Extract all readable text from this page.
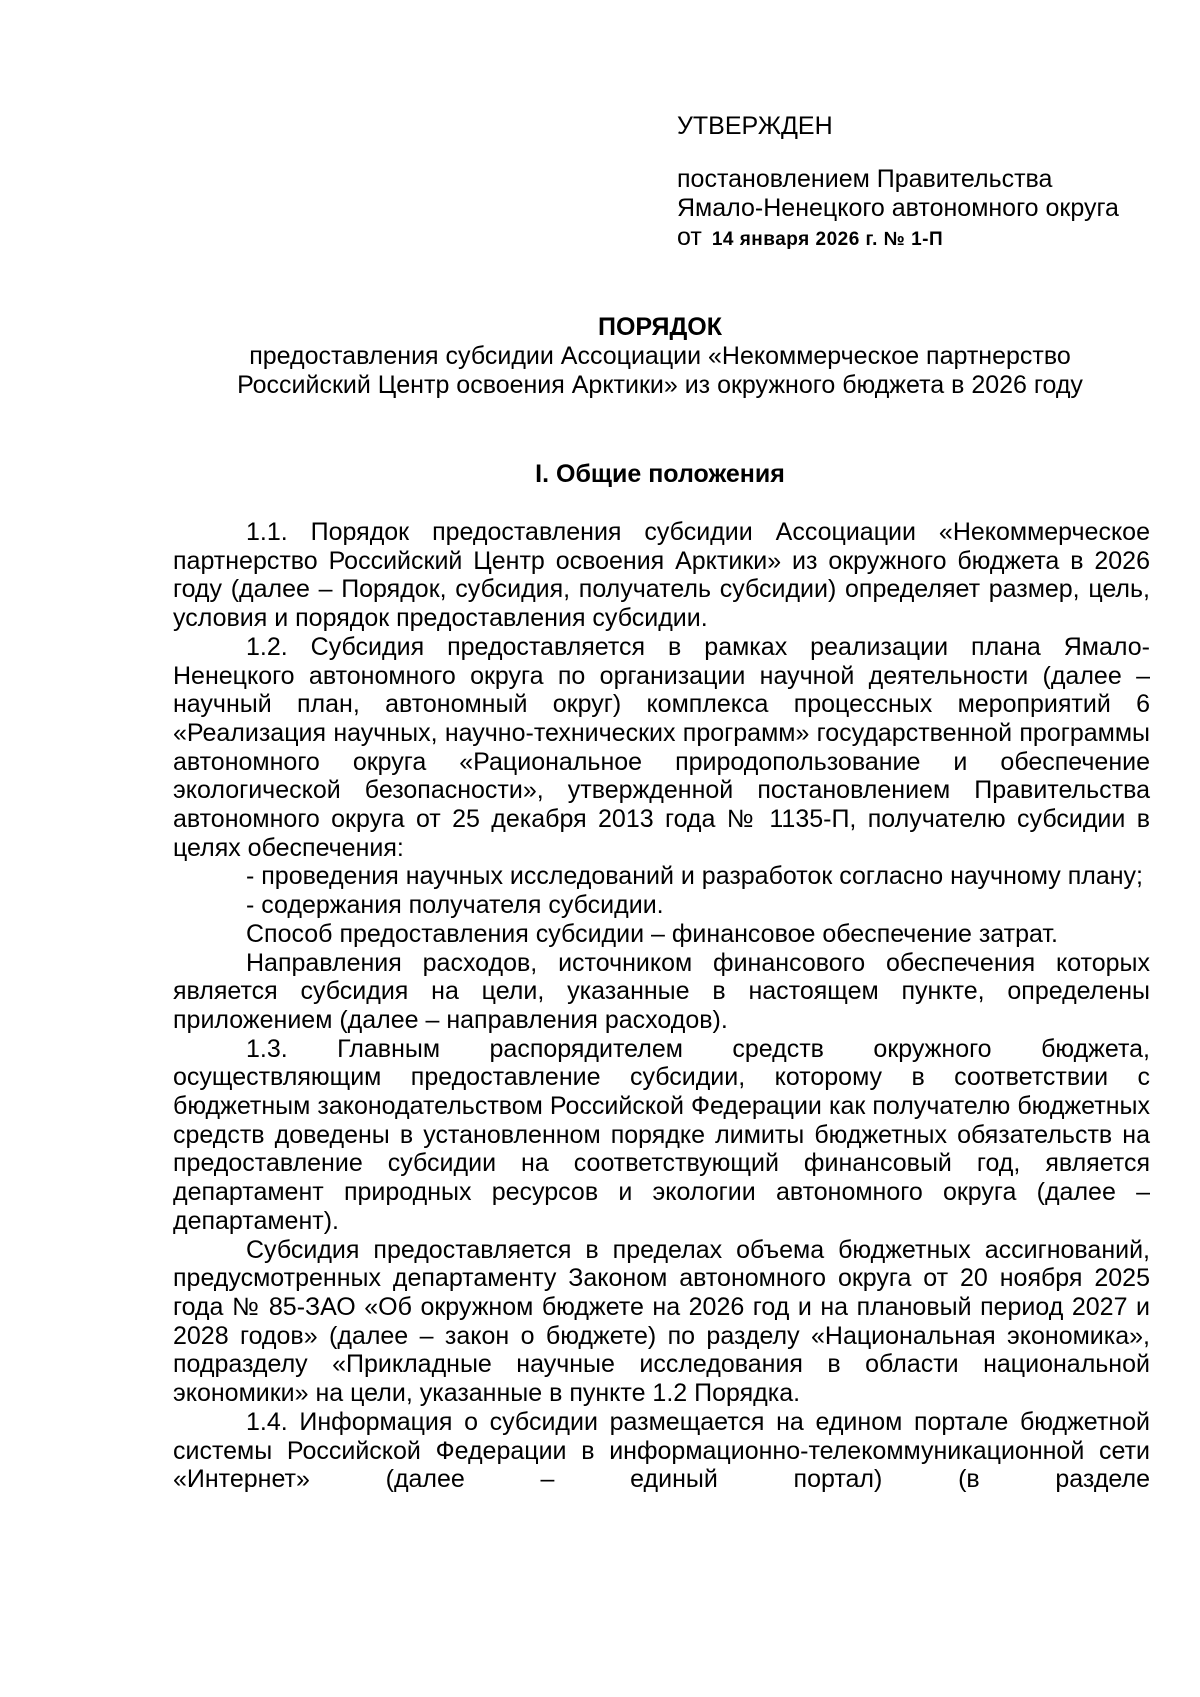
УТВЕРЖДЕН
постановлением Правительства
Ямало-Ненецкого автономного округа
от 14 января 2026 г. № 1-П
ПОРЯДОК
предоставления субсидии Ассоциации «Некоммерческое партнерство
Российский Центр освоения Арктики» из окружного бюджета в 2026 году
I. Общие положения

1.1. Порядок предоставления субсидии Ассоциации «Некоммерческое партнерство Российский Центр освоения Арктики» из окружного бюджета в 2026 году (далее – Порядок, субсидия, получатель субсидии) определяет размер, цель, условия и порядок предоставления субсидии.

1.2. Субсидия предоставляется в рамках реализации плана Ямало-Ненецкого автономного округа по организации научной деятельности (далее – научный план, автономный округ) комплекса процессных мероприятий 6 «Реализация научных, научно-технических программ» государственной программы автономного округа «Рациональное природопользование и обеспечение экологической безопасности», утвержденной постановлением Правительства автономного округа от 25 декабря 2013 года № 1135-П, получателю субсидии в целях обеспечения:

- проведения научных исследований и разработок согласно научному плану;

- содержания получателя субсидии.

Способ предоставления субсидии – финансовое обеспечение затрат.

Направления расходов, источником финансового обеспечения которых является субсидия на цели, указанные в настоящем пункте, определены приложением (далее – направления расходов).

1.3. Главным распорядителем средств окружного бюджета, осуществляющим предоставление субсидии, которому в соответствии с бюджетным законодательством Российской Федерации как получателю бюджетных средств доведены в установленном порядке лимиты бюджетных обязательств на предоставление субсидии на соответствующий финансовый год, является департамент природных ресурсов и экологии автономного округа (далее – департамент).

Субсидия предоставляется в пределах объема бюджетных ассигнований, предусмотренных департаменту Законом автономного округа от 20 ноября 2025 года № 85-ЗАО «Об окружном бюджете на 2026 год и на плановый период 2027 и 2028 годов» (далее – закон о бюджете) по разделу «Национальная экономика», подразделу «Прикладные научные исследования в области национальной экономики» на цели, указанные в пункте 1.2 Порядка.

1.4. Информация о субсидии размещается на едином портале бюджетной системы Российской Федерации в информационно-телекоммуникационной сети «Интернет» (далее – единый портал) (в разделе
